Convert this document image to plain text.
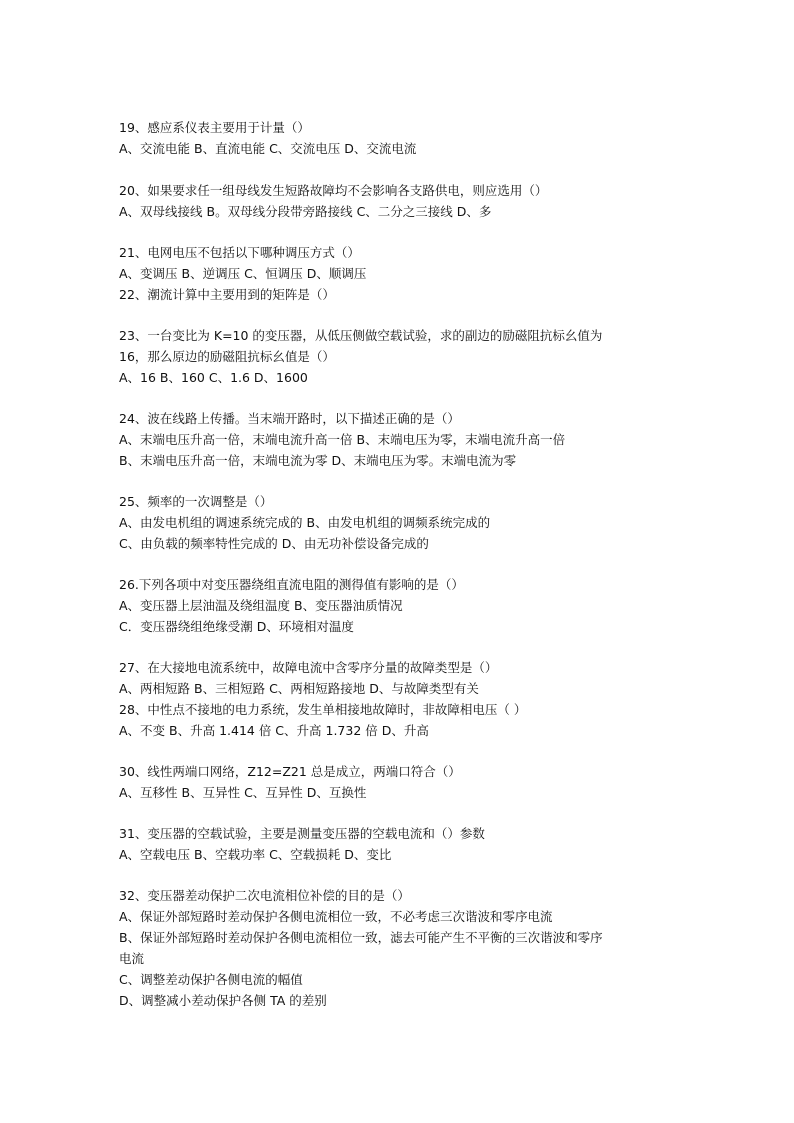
19、感应系仪表主要用于计量（）
A、交流电能 B、直流电能 C、交流电压 D、交流电流
20、如果要求任一组母线发生短路故障均不会影响各支路供电，则应选用（）
A、双母线接线 B。双母线分段带旁路接线 C、二分之三接线 D、多
21、电网电压不包括以下哪种调压方式（）
A、变调压 B、逆调压 C、恒调压 D、顺调压
22、潮流计算中主要用到的矩阵是（）
23、一台变比为 K=10 的变压器，从低压侧做空载试验，求的副边的励磁阻抗标幺值为
16，那么原边的励磁阻抗标幺值是（）
A、16 B、160 C、1.6 D、1600
24、波在线路上传播。当末端开路时，以下描述正确的是（）
A、末端电压升高一倍，末端电流升高一倍 B、末端电压为零，末端电流升高一倍
B、末端电压升高一倍，末端电流为零 D、末端电压为零。末端电流为零
25、频率的一次调整是（）
A、由发电机组的调速系统完成的 B、由发电机组的调频系统完成的
C、由负载的频率特性完成的 D、由无功补偿设备完成的
26.下列各项中对变压器绕组直流电阻的测得值有影响的是（）
A、变压器上层油温及绕组温度 B、变压器油质情况
C．变压器绕组绝缘受潮 D、环境相对温度
27、在大接地电流系统中，故障电流中含零序分量的故障类型是（）
A、两相短路 B、三相短路 C、两相短路接地 D、与故障类型有关
28、中性点不接地的电力系统，发生单相接地故障时，非故障相电压（ ）
A、不变 B、升高 1.414 倍 C、升高 1.732 倍 D、升高
30、线性两端口网络，Z12=Z21 总是成立，两端口符合（）
A、互移性 B、互异性 C、互异性 D、互换性
31、变压器的空载试验，主要是测量变压器的空载电流和（）参数
A、空载电压 B、空载功率 C、空载损耗 D、变比
32、变压器差动保护二次电流相位补偿的目的是（）
A、保证外部短路时差动保护各侧电流相位一致，不必考虑三次谐波和零序电流
B、保证外部短路时差动保护各侧电流相位一致，滤去可能产生不平衡的三次谐波和零序
电流
C、调整差动保护各侧电流的幅值
D、调整减小差动保护各侧 TA 的差别
